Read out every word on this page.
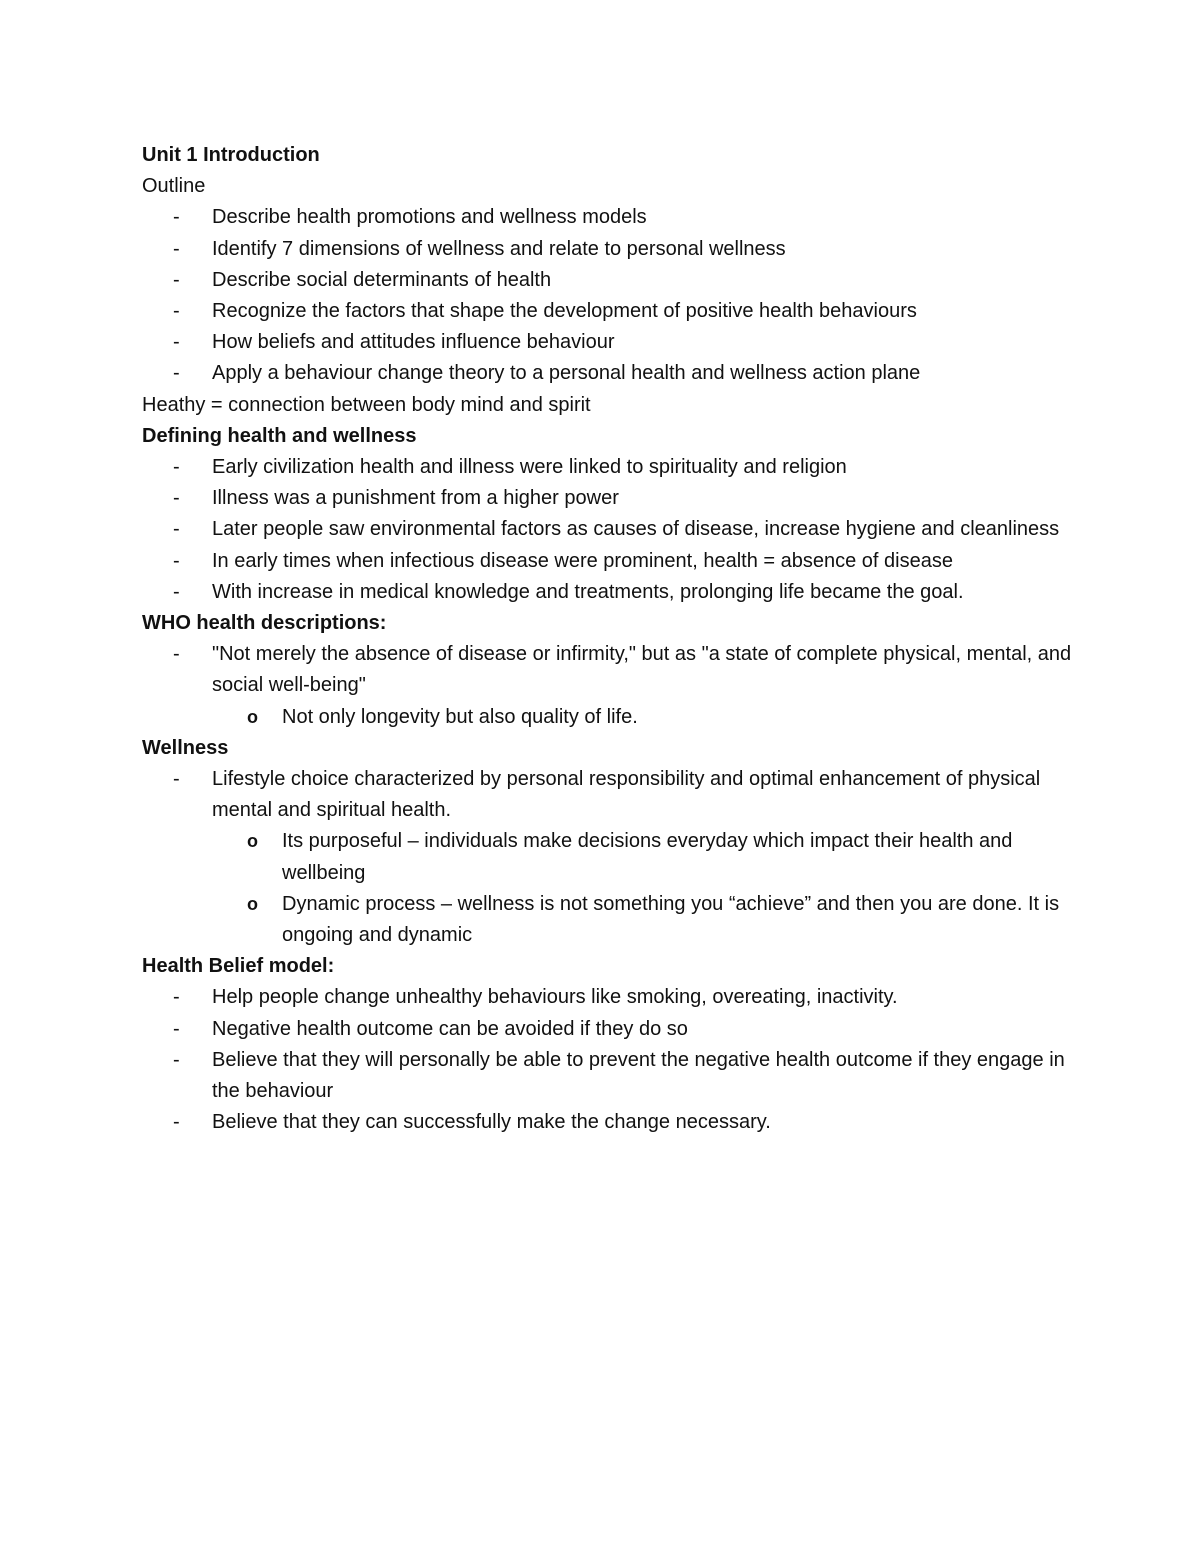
Unit 1 Introduction
Outline
-	Describe health promotions and wellness models
-	Identify 7 dimensions of wellness and relate to personal wellness
-	Describe social determinants of health
-	Recognize the factors that shape the development of positive health behaviours
-	How beliefs and attitudes influence behaviour
-	Apply a behaviour change theory to a personal health and wellness action plane
Heathy = connection between body mind and spirit
Defining health and wellness
-	Early civilization health and illness were linked to spirituality and religion
-	Illness was a punishment from a higher power
-	Later people saw environmental factors as causes of disease, increase hygiene and cleanliness
-	In early times when infectious disease were prominent, health = absence of disease
-	With increase in medical knowledge and treatments, prolonging life became the goal.
WHO health descriptions:
-	"Not merely the absence of disease or infirmity," but as "a state of complete physical, mental, and social well-being"
o	Not only longevity but also quality of life.
Wellness
-	Lifestyle choice characterized by personal responsibility and optimal enhancement of physical mental and spiritual health.
o	Its purposeful – individuals make decisions everyday which impact their health and wellbeing
o	Dynamic process – wellness is not something you “achieve” and then you are done. It is ongoing and dynamic
Health Belief model:
-	Help people change unhealthy behaviours like smoking, overeating, inactivity.
-	Negative health outcome can be avoided if they do so
-	Believe that they will personally be able to prevent the negative health outcome if they engage in the behaviour
-	Believe that they can successfully make the change necessary.
